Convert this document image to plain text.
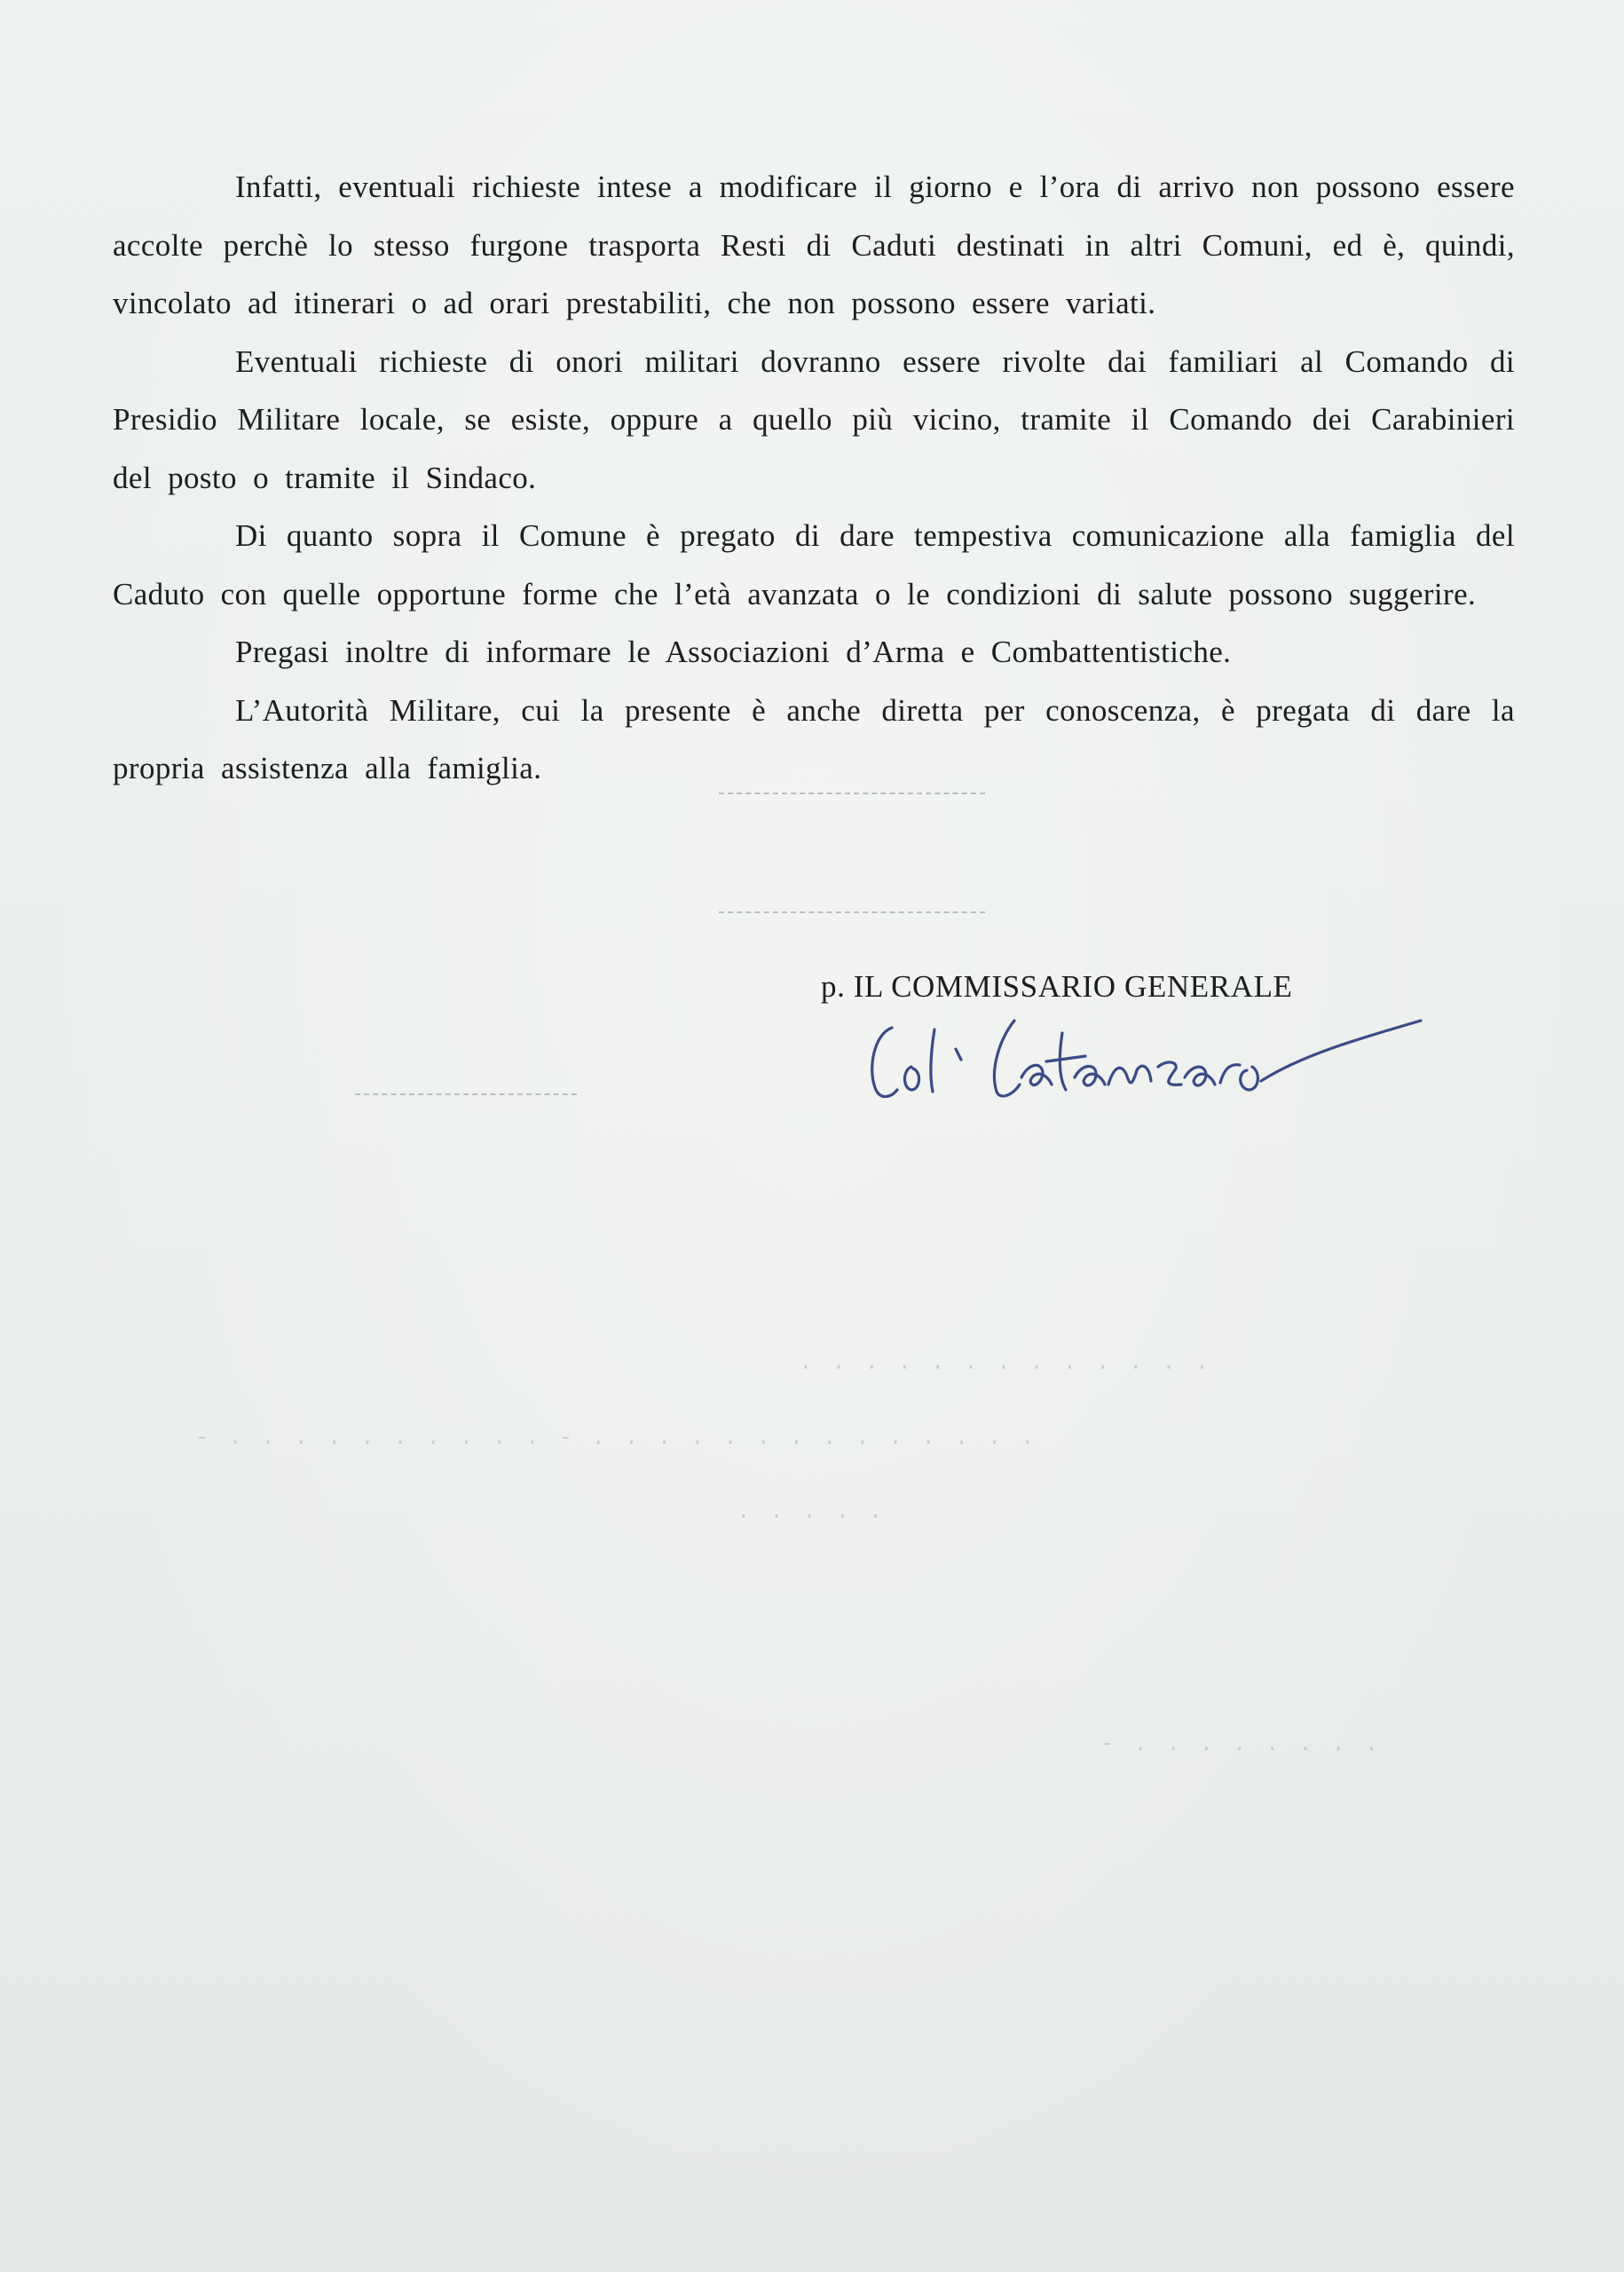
Infatti, eventuali richieste intese a modificare il giorno e l’ora di arrivo non possono essere accolte perchè lo stesso furgone trasporta Resti di Caduti destinati in altri Comuni, ed è, quindi, vincolato ad itinerari o ad orari prestabiliti, che non possono essere variati.

Eventuali richieste di onori militari dovranno essere rivolte dai familiari al Comando di Presidio Militare locale, se esiste, oppure a quello più vicino, tramite il Comando dei Carabinieri del posto o tramite il Sindaco.

Di quanto sopra il Comune è pregato di dare tempestiva comunicazione alla famiglia del Caduto con quelle opportune forme che l’età avanzata o le condizioni di salute possono suggerire.

Pregasi inoltre di informare le Associazioni d’Arma e Combattentistiche.

L’Autorità Militare, cui la presente è anche diretta per conoscenza, è pregata di dare la propria assistenza alla famiglia.

p. IL COMMISSARIO GENERALE
. . . . . . . . . . . . .
- . . . . . . . . . . - . . . . . . . . . . . . . .
. . . . .
- . . . . . . . .
